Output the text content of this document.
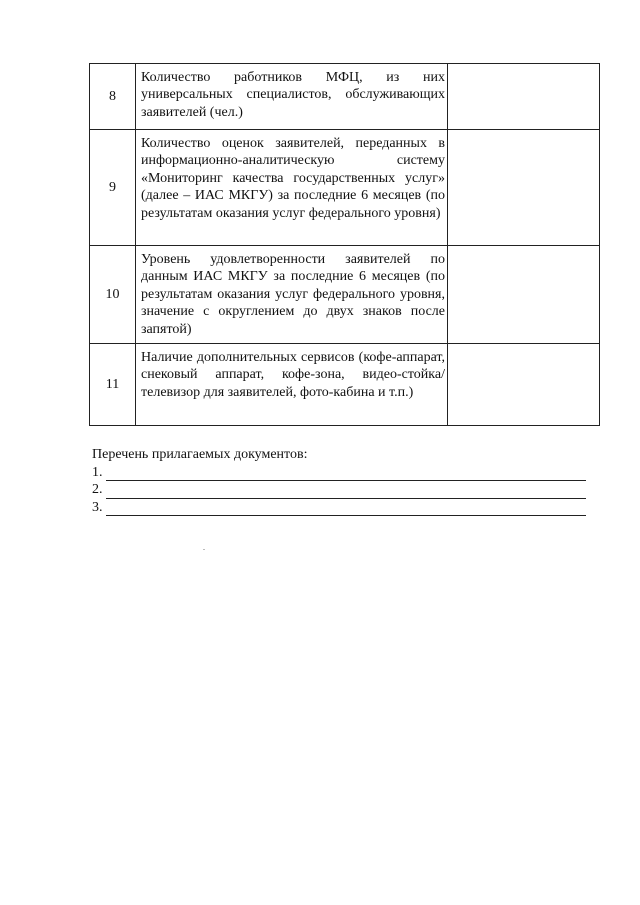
8	Количество работников МФЦ, из них универсальных специалистов, обслуживающих заявителей (чел.)	
9	Количество оценок заявителей, переданных в информационно-аналитическую систему «Мониторинг качества государственных услуг» (далее – ИАС МКГУ) за последние 6 месяцев (по результатам оказания услуг федерального уровня)	
10	Уровень удовлетворенности заявителей по данным ИАС МКГУ за последние 6 месяцев (по результатам оказания услуг федерального уровня, значение с округлением до двух знаков после запятой)	
11	Наличие дополнительных сервисов (кофе-аппарат, снековый аппарат, кофе-зона, видео-стойка/ телевизор для заявителей, фото-кабина и т.п.)	

Перечень прилагаемых документов:

1.
2.
3.
